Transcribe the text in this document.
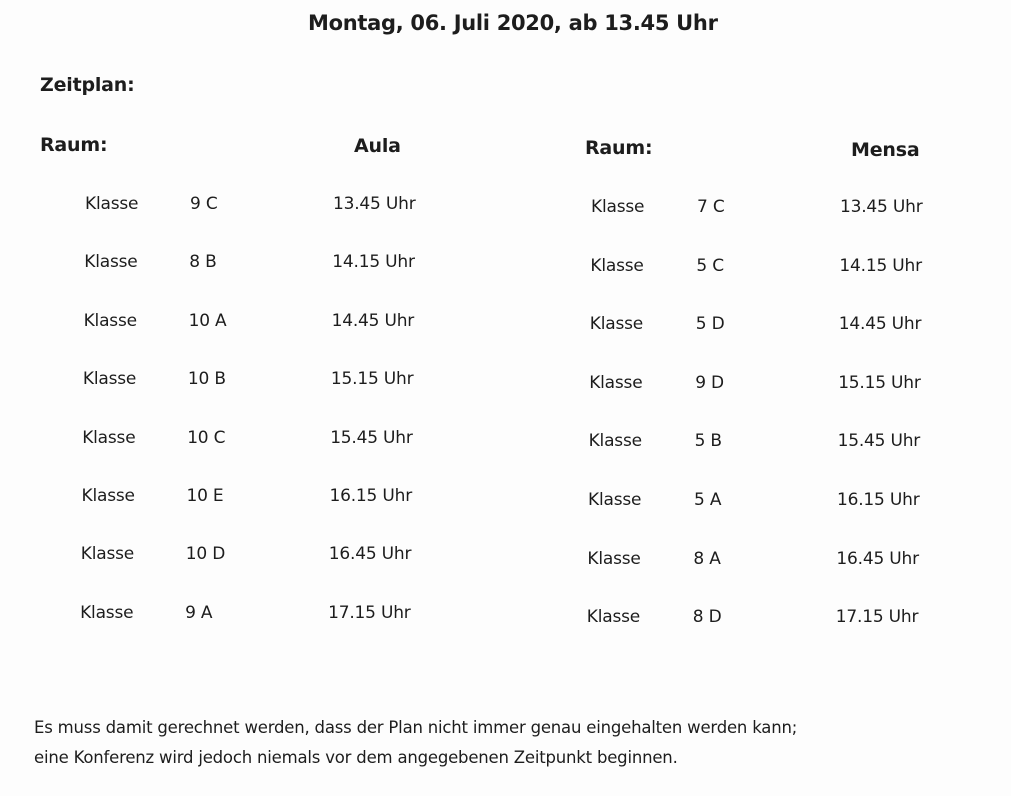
Montag, 06. Juli 2020, ab 13.45 Uhr
Zeitplan:
Raum:	Aula	Raum:	Mensa
Klasse	9 C	13.45 Uhr
Klasse	8 B	14.15 Uhr
Klasse	10 A	14.45 Uhr
Klasse	10 B	15.15 Uhr
Klasse	10 C	15.45 Uhr
Klasse	10 E	16.15 Uhr
Klasse	10 D	16.45 Uhr
Klasse	9 A	17.15 Uhr
Klasse	7 C	13.45 Uhr
Klasse	5 C	14.15 Uhr
Klasse	5 D	14.45 Uhr
Klasse	9 D	15.15 Uhr
Klasse	5 B	15.45 Uhr
Klasse	5 A	16.15 Uhr
Klasse	8 A	16.45 Uhr
Klasse	8 D	17.15 Uhr
Es muss damit gerechnet werden, dass der Plan nicht immer genau eingehalten werden kann;
eine Konferenz wird jedoch niemals vor dem angegebenen Zeitpunkt beginnen.
